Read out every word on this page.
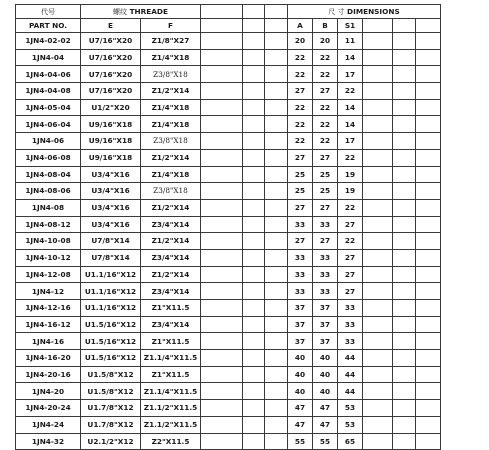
代号	螺纹 THREADE					尺 寸 DIMENSIONS					
PART NO.	E	F				A	B	S1			
1JN4-02-02	U7/16"X20	Z1/8"X27				20	20	11			
1JN4-04	U7/16"X20	Z1/4"X18				22	22	14			
1JN4-04-06	U7/16"X20	Z3/8"X18				22	22	17			
1JN4-04-08	U7/16"X20	Z1/2"X14				27	27	22			
1JN4-05-04	U1/2"X20	Z1/4"X18				22	22	14			
1JN4-06-04	U9/16"X18	Z1/4"X18				22	22	14			
1JN4-06	U9/16"X18	Z3/8"X18				22	22	17			
1JN4-06-08	U9/16"X18	Z1/2"X14				27	27	22			
1JN4-08-04	U3/4"X16	Z1/4"X18				25	25	19			
1JN4-08-06	U3/4"X16	Z3/8"X18				25	25	19			
1JN4-08	U3/4"X16	Z1/2"X14				27	27	22			
1JN4-08-12	U3/4"X16	Z3/4"X14				33	33	27			
1JN4-10-08	U7/8"X14	Z1/2"X14				27	27	22			
1JN4-10-12	U7/8"X14	Z3/4"X14				33	33	27			
1JN4-12-08	U1.1/16"X12	Z1/2"X14				33	33	27			
1JN4-12	U1.1/16"X12	Z3/4"X14				33	33	27			
1JN4-12-16	U1.1/16"X12	Z1"X11.5				37	37	33			
1JN4-16-12	U1.5/16"X12	Z3/4"X14				37	37	33			
1JN4-16	U1.5/16"X12	Z1"X11.5				37	37	33			
1JN4-16-20	U1.5/16"X12	Z1.1/4"X11.5				40	40	44			
1JN4-20-16	U1.5/8"X12	Z1"X11.5				40	40	44			
1JN4-20	U1.5/8"X12	Z1.1/4"X11.5				40	40	44			
1JN4-20-24	U1.7/8"X12	Z1.1/2"X11.5				47	47	53			
1JN4-24	U1.7/8"X12	Z1.1/2"X11.5				47	47	53			
1JN4-32	U2.1/2"X12	Z2"X11.5				55	55	65			
